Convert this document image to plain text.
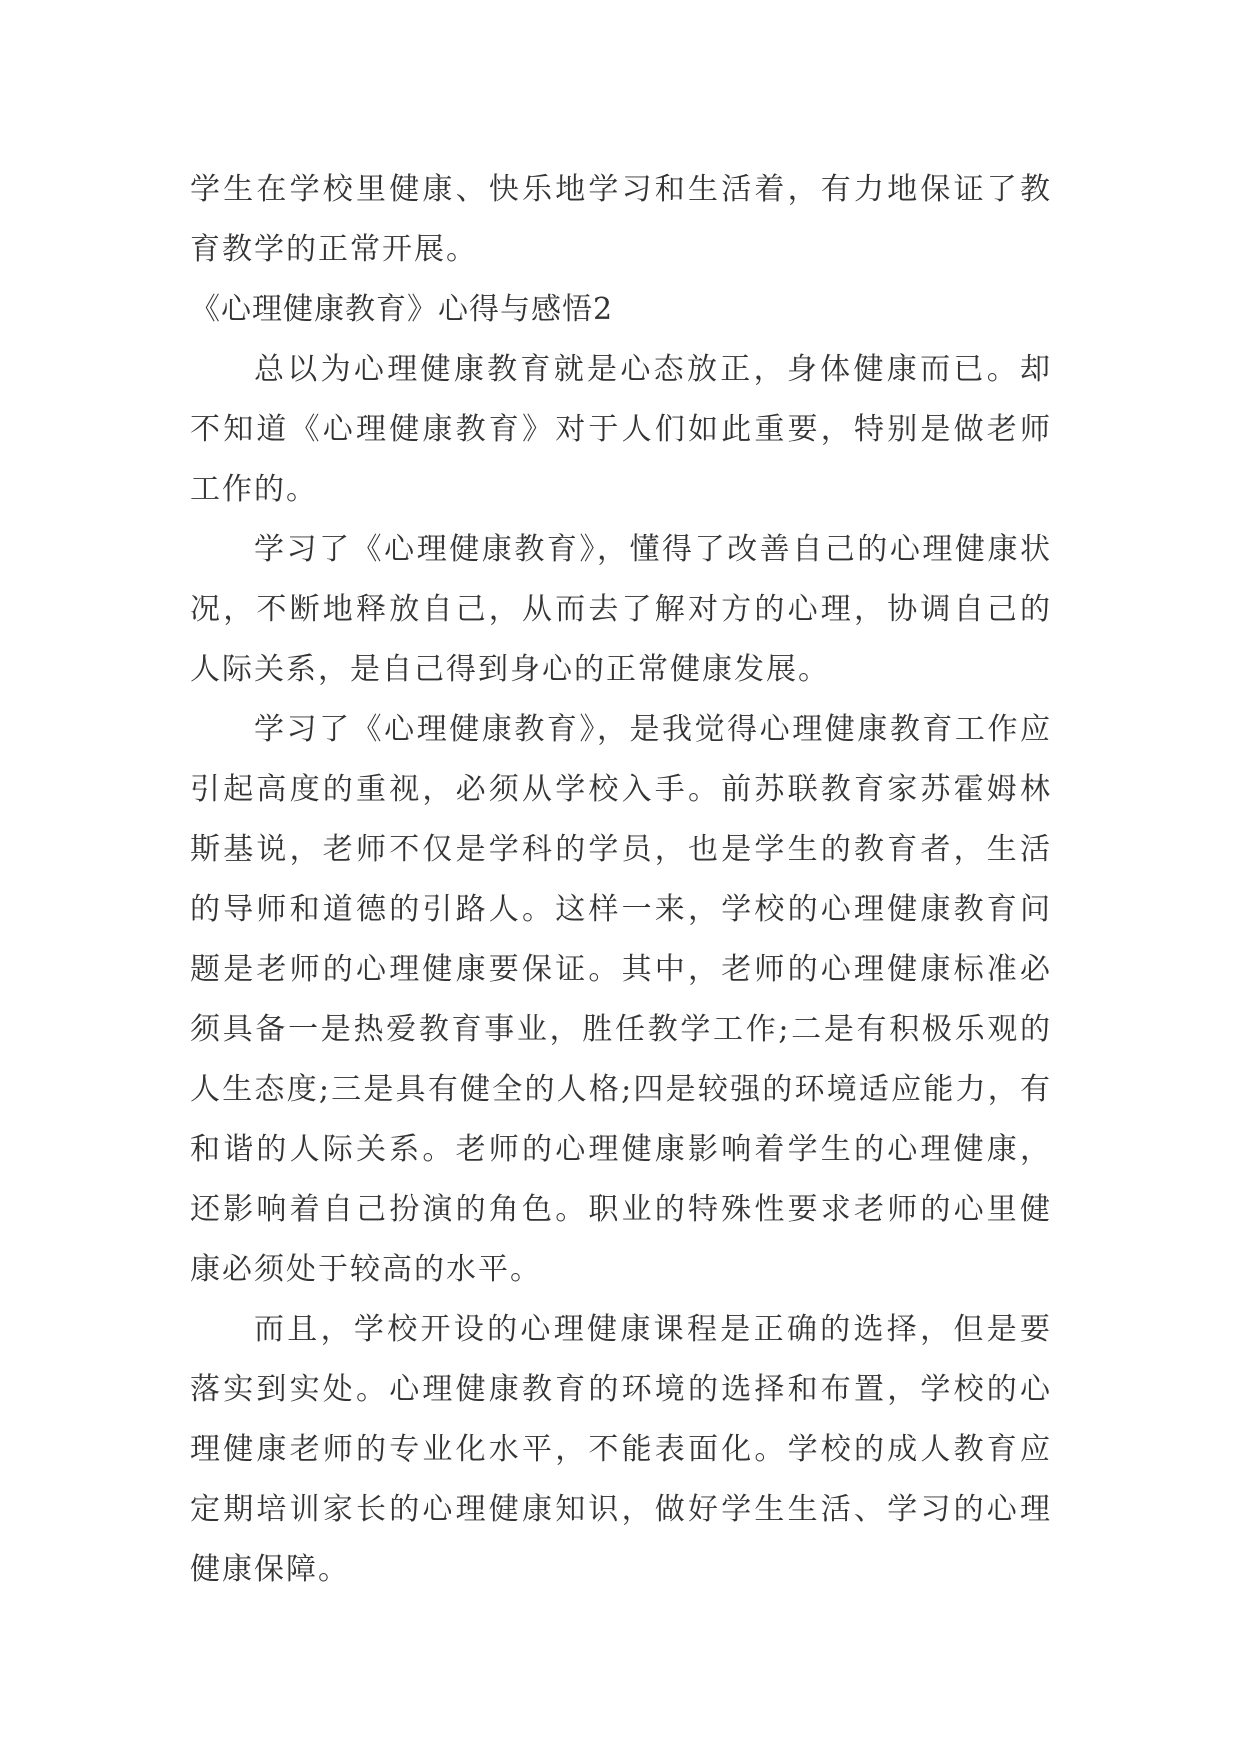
学生在学校里健康、快乐地学习和生活着，有力地保证了教育教学的正常开展。

《心理健康教育》心得与感悟2

总以为心理健康教育就是心态放正，身体健康而已。却不知道《心理健康教育》对于人们如此重要，特别是做老师工作的。

学习了《心理健康教育》，懂得了改善自己的心理健康状况，不断地释放自己，从而去了解对方的心理，协调自己的人际关系，是自己得到身心的正常健康发展。

学习了《心理健康教育》，是我觉得心理健康教育工作应引起高度的重视，必须从学校入手。前苏联教育家苏霍姆林斯基说，老师不仅是学科的学员，也是学生的教育者，生活的导师和道德的引路人。这样一来，学校的心理健康教育问题是老师的心理健康要保证。其中，老师的心理健康标准必须具备一是热爱教育事业，胜任教学工作;二是有积极乐观的人生态度;三是具有健全的人格;四是较强的环境适应能力，有和谐的人际关系。老师的心理健康影响着学生的心理健康，还影响着自己扮演的角色。职业的特殊性要求老师的心里健康必须处于较高的水平。

而且，学校开设的心理健康课程是正确的选择，但是要落实到实处。心理健康教育的环境的选择和布置，学校的心理健康老师的专业化水平，不能表面化。学校的成人教育应定期培训家长的心理健康知识，做好学生生活、学习的心理健康保障。
